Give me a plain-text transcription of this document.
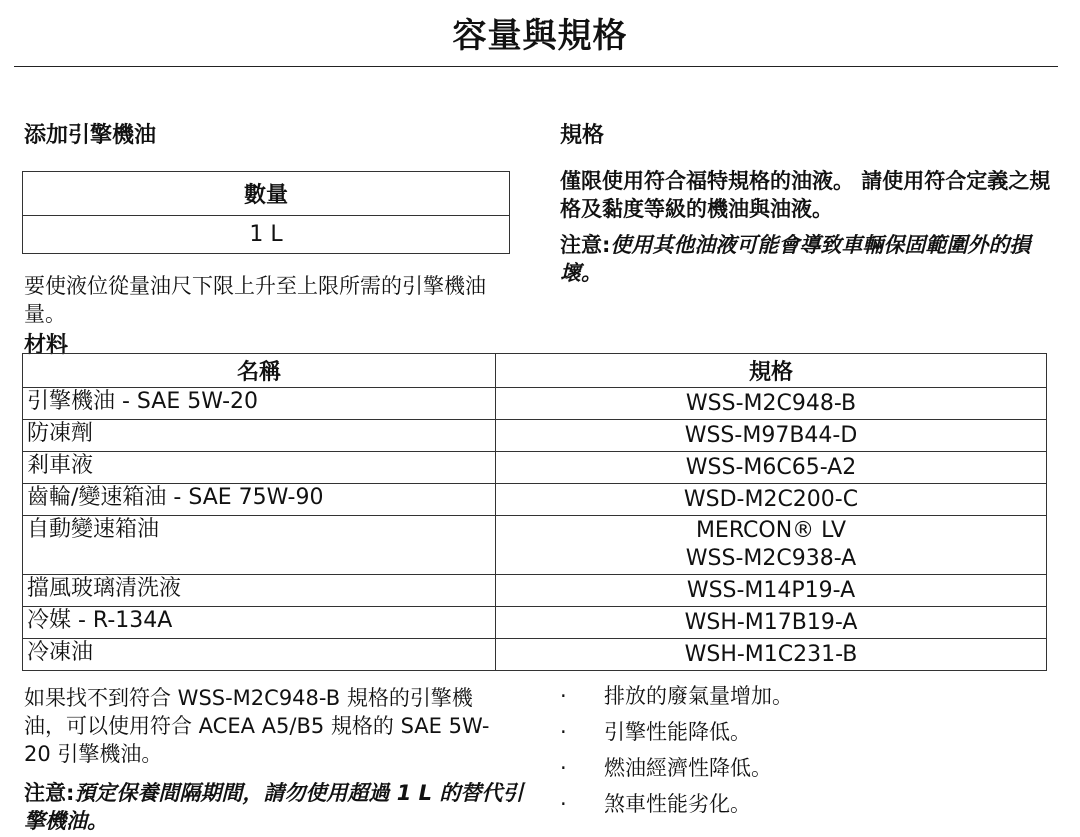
容量與規格
添加引擎機油
數量
1 L
要使液位從量油尺下限上升至上限所需的引擎機油量。
規格
僅限使用符合福特規格的油液。 請使用符合定義之規格及黏度等級的機油與油液。
注意:使用其他油液可能會導致車輛保固範圍外的損壞。
材料
名稱	規格
引擎機油 - SAE 5W-20	WSS-M2C948-B
防凍劑	WSS-M97B44-D
剎車液	WSS-M6C65-A2
齒輪/變速箱油 - SAE 75W-90	WSD-M2C200-C
自動變速箱油	MERCON® LV
WSS-M2C938-A

擋風玻璃清洗液	WSS-M14P19-A
冷媒 - R-134A	WSH-M17B19-A
冷凍油	WSH-M1C231-B
如果找不到符合 WSS-M2C948-B 規格的引擎機油，可以使用符合 ACEA A5/B5 規格的 SAE 5W-20 引擎機油。
注意:預定保養間隔期間，請勿使用超過 1 L 的替代引擎機油。
· 排放的廢氣量增加。
· 引擎性能降低。
· 燃油經濟性降低。
· 煞車性能劣化。
